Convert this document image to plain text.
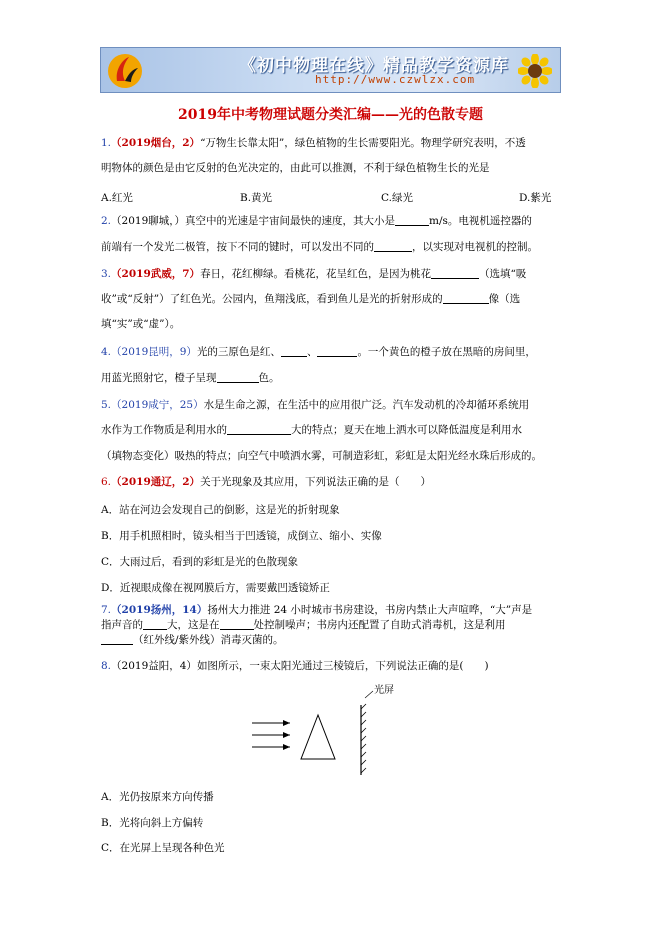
《初中物理在线》精品教学资源库
http://www.czwlzx.com
2019年中考物理试题分类汇编——光的色散专题
1.（2019烟台，2）“万物生长靠太阳”，绿色植物的生长需要阳光。物理学研究表明，不透
明物体的颜色是由它反射的色光决定的，由此可以推测，不利于绿色植物生长的光是
A.红光	B.黄光	C.绿光	D.紫光
2.（2019聊城，）真空中的光速是宇宙间最快的速度，其大小是	m/s。电视机遥控器的
前端有一个发光二极管，按下不同的键时，可以发出不同的	，以实现对电视机的控制。
3.（2019武威，7）春日，花红柳绿。看桃花，花呈红色，是因为桃花	（选填“吸
收”或“反射”）了红色光。公园内，鱼翔浅底，看到鱼儿是光的折射形成的	像（选
填“实”或“虚”）。
4.（2019昆明，9）光的三原色是红、 、	。一个黄色的橙子放在黑暗的房间里，
用蓝光照射它，橙子呈现	色。
5.（2019咸宁，25）水是生命之源，在生活中的应用很广泛。汽车发动机的冷却循环系统用
水作为工作物质是利用水的	大的特点；夏天在地上洒水可以降低温度是利用水
（填物态变化）吸热的特点；向空气中喷洒水雾，可制造彩虹，彩虹是太阳光经水珠后形成的。
6.（2019通辽，2）关于光现象及其应用，下列说法正确的是（　　）
A．站在河边会发现自己的倒影，这是光的折射现象
B．用手机照相时，镜头相当于凹透镜，成倒立、缩小、实像
C．大雨过后，看到的彩虹是光的色散现象
D．近视眼成像在视网膜后方，需要戴凹透镜矫正
7.（2019扬州，14）扬州大力推进 24 小时城市书房建设，书房内禁止大声喧哗，“大”声是
指声音的 大，这是在	处控制噪声；书房内还配置了自助式消毒机，这是利用
（红外线/紫外线）消毒灭菌的。
8.（2019益阳，4）如图所示，一束太阳光通过三棱镜后，下列说法正确的是(　　)
光屏
A．光仍按原来方向传播
B．光将向斜上方偏转
C．在光屏上呈现各种色光
